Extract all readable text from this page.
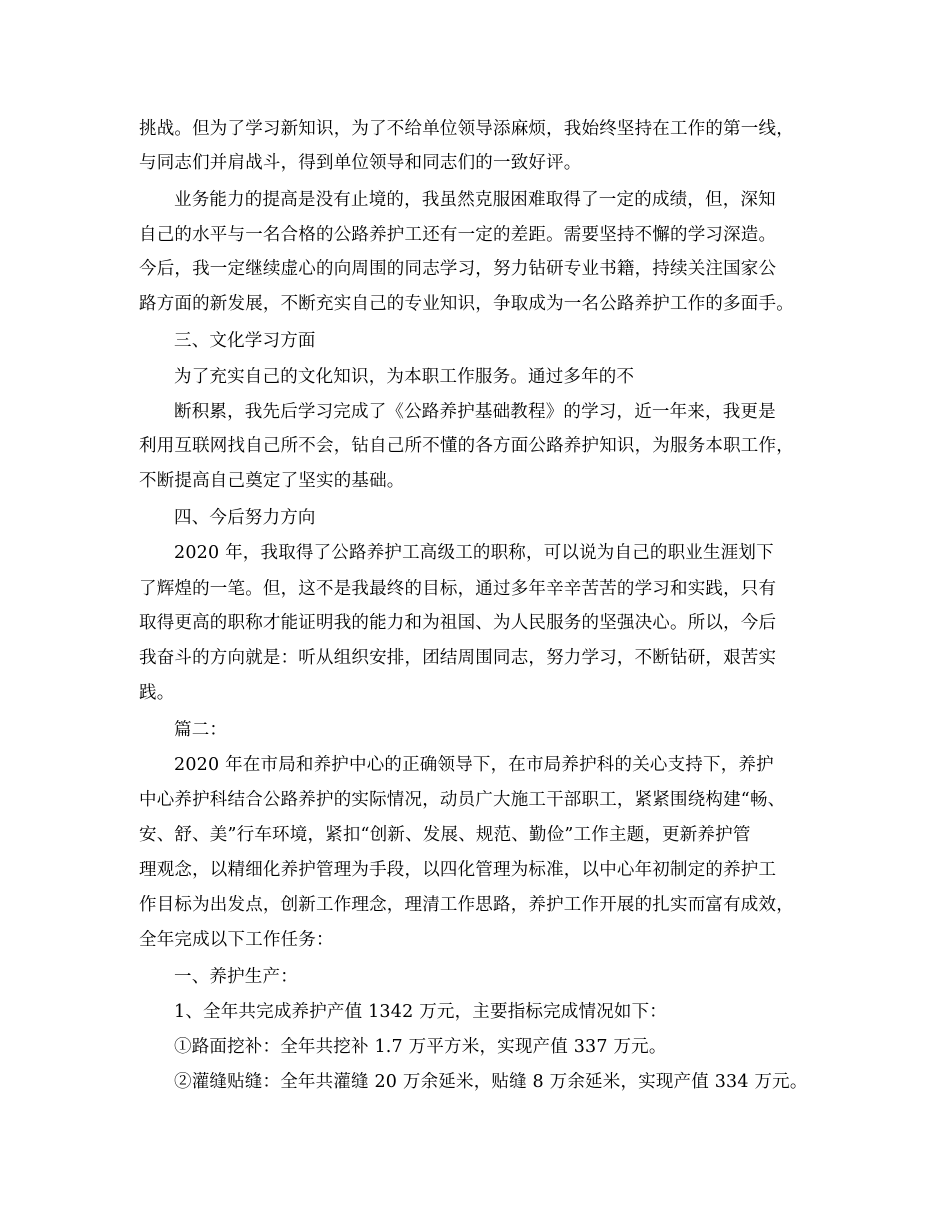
挑战。但为了学习新知识，为了不给单位领导添麻烦，我始终坚持在工作的第一线，
与同志们并肩战斗，得到单位领导和同志们的一致好评。
业务能力的提高是没有止境的，我虽然克服困难取得了一定的成绩，但，深知
自己的水平与一名合格的公路养护工还有一定的差距。需要坚持不懈的学习深造。
今后，我一定继续虚心的向周围的同志学习，努力钻研专业书籍，持续关注国家公
路方面的新发展，不断充实自己的专业知识，争取成为一名公路养护工作的多面手。
三、文化学习方面
为了充实自己的文化知识，为本职工作服务。通过多年的不
断积累，我先后学习完成了《公路养护基础教程》的学习，近一年来，我更是
利用互联网找自己所不会，钻自己所不懂的各方面公路养护知识，为服务本职工作，
不断提高自己奠定了坚实的基础。
四、今后努力方向
2020 年，我取得了公路养护工高级工的职称，可以说为自己的职业生涯划下
了辉煌的一笔。但，这不是我最终的目标，通过多年辛辛苦苦的学习和实践，只有
取得更高的职称才能证明我的能力和为祖国、为人民服务的坚强决心。所以，今后
我奋斗的方向就是：听从组织安排，团结周围同志，努力学习，不断钻研，艰苦实
践。
篇二：
2020 年在市局和养护中心的正确领导下，在市局养护科的关心支持下，养护
中心养护科结合公路养护的实际情况，动员广大施工干部职工，紧紧围绕构建“畅、
安、舒、美”行车环境，紧扣“创新、发展、规范、勤俭”工作主题，更新养护管
理观念，以精细化养护管理为手段，以四化管理为标准，以中心年初制定的养护工
作目标为出发点，创新工作理念，理清工作思路，养护工作开展的扎实而富有成效，
全年完成以下工作任务：
一、养护生产：
1、全年共完成养护产值 1342 万元，主要指标完成情况如下：
①路面挖补：全年共挖补 1.7 万平方米，实现产值 337 万元。
②灌缝贴缝：全年共灌缝 20 万余延米，贴缝 8 万余延米，实现产值 334 万元。
